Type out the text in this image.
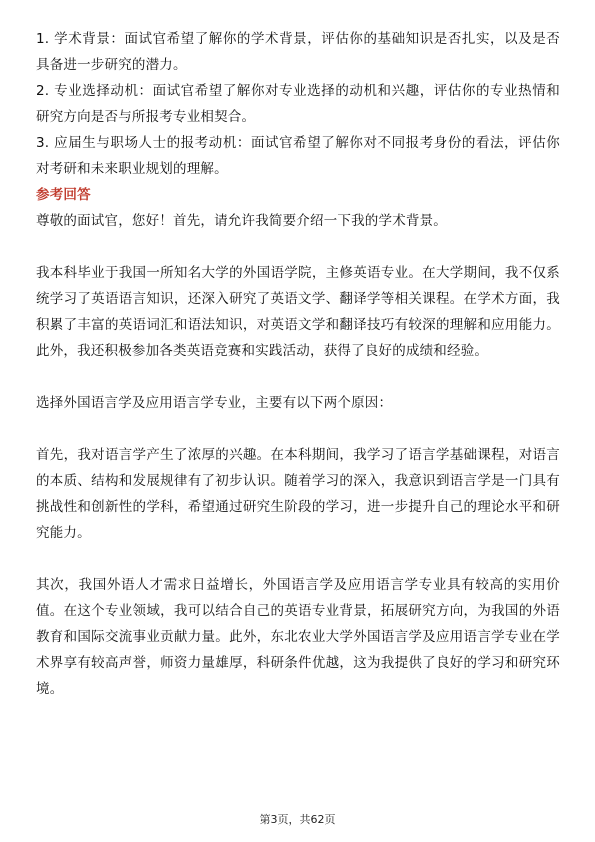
1. 学术背景：面试官希望了解你的学术背景，评估你的基础知识是否扎实，以及是否具备进一步研究的潜力。

2. 专业选择动机：面试官希望了解你对专业选择的动机和兴趣，评估你的专业热情和研究方向是否与所报考专业相契合。

3. 应届生与职场人士的报考动机：面试官希望了解你对不同报考身份的看法，评估你对考研和未来职业规划的理解。

参考回答

尊敬的面试官，您好！首先，请允许我简要介绍一下我的学术背景。

我本科毕业于我国一所知名大学的外国语学院，主修英语专业。在大学期间，我不仅系统学习了英语语言知识，还深入研究了英语文学、翻译学等相关课程。在学术方面，我积累了丰富的英语词汇和语法知识，对英语文学和翻译技巧有较深的理解和应用能力。此外，我还积极参加各类英语竞赛和实践活动，获得了良好的成绩和经验。

选择外国语言学及应用语言学专业，主要有以下两个原因：

首先，我对语言学产生了浓厚的兴趣。在本科期间，我学习了语言学基础课程，对语言的本质、结构和发展规律有了初步认识。随着学习的深入，我意识到语言学是一门具有挑战性和创新性的学科，希望通过研究生阶段的学习，进一步提升自己的理论水平和研究能力。

其次，我国外语人才需求日益增长，外国语言学及应用语言学专业具有较高的实用价值。在这个专业领域，我可以结合自己的英语专业背景，拓展研究方向，为我国的外语教育和国际交流事业贡献力量。此外，东北农业大学外国语言学及应用语言学专业在学术界享有较高声誉，师资力量雄厚，科研条件优越，这为我提供了良好的学习和研究环境。

第3页，共62页
